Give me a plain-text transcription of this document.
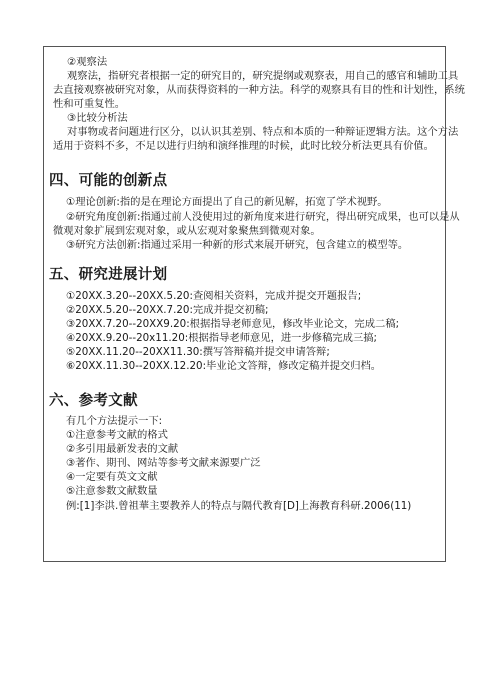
②观察法
观察法，指研究者根据一定的研究目的，研究提纲或观察表，用自己的感官和辅助工具
去直接观察被研究对象，从而获得资料的一种方法。科学的观察具有目的性和计划性，系统
性和可重复性。
③比较分析法
对事物或者问题进行区分，以认识其差别、特点和本质的一种辩证逻辑方法。这个方法
适用于资料不多，不足以进行归纳和演绎推理的时候，此时比较分析法更具有价值。
四、可能的创新点
①理论创新:指的是在理论方面提出了自己的新见解，拓宽了学术视野。
②研究角度创新:指通过前人没使用过的新角度来进行研究，得出研究成果，也可以是从
微观对象扩展到宏观对象，或从宏观对象聚焦到微观对象。
③研究方法创新:指通过采用一种新的形式来展开研究，包含建立的模型等。
五、研究进展计划
①20XX.3.20--20XX.5.20:查阅相关资料，完成并提交开题报告;
②20XX.5.20--20XX.7.20:完成并提交初稿;
③20XX.7.20--20XX9.20:根据指导老师意见，修改毕业论文，完成二稿;
④20XX.9.20--20x11.20:根据指导老师意见，进一步修稿完成三搞;
⑤20XX.11.20--20XX11.30:撰写答辩稿并提交申请答辩;
⑥20XX.11.30--20XX.12.20:毕业论文答辩，修改定稿并提交归档。
六、参考文献
有几个方法提示一下:
①注意参考文献的格式
②多引用最新发表的文献
③著作、期刊、网站等参考文献来源要广泛
④一定要有英文文献
⑤注意参数文献数量
例:[1]李洪.曾祖華主要教养人的特点与隔代教育[D]上海教育科研.2006(11)
